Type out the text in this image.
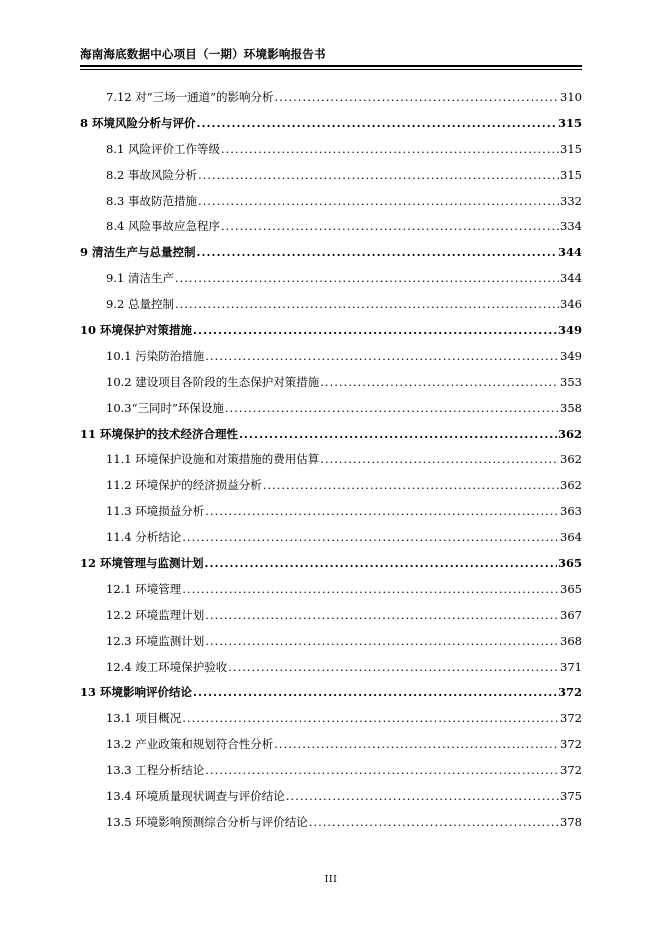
海南海底数据中心项目（一期）环境影响报告书
7.12 对“三场一通道”的影响分析 .....	310
8 环境风险分析与评价 .....	315
8.1 风险评价工作等级 .....	315
8.2 事故风险分析 .....	315
8.3 事故防范措施 .....	332
8.4 风险事故应急程序 .....	334
9 清洁生产与总量控制 .....	344
9.1 清洁生产 .....	344
9.2 总量控制 .....	346
10 环境保护对策措施 .....	349
10.1 污染防治措施 .....	349
10.2 建设项目各阶段的生态保护对策措施 .....	353
10.3“三同时”环保设施 .....	358
11 环境保护的技术经济合理性 .....	362
11.1 环境保护设施和对策措施的费用估算 .....	362
11.2 环境保护的经济损益分析 .....	362
11.3 环境损益分析 .....	363
11.4 分析结论 .....	364
12 环境管理与监测计划 .....	365
12.1 环境管理 .....	365
12.2 环境监理计划 .....	367
12.3 环境监测计划 .....	368
12.4 竣工环境保护验收 .....	371
13 环境影响评价结论 .....	372
13.1 项目概况 .....	372
13.2 产业政策和规划符合性分析 .....	372
13.3 工程分析结论 .....	372
13.4 环境质量现状调查与评价结论 .....	375
13.5 环境影响预测综合分析与评价结论 .....	378
III
